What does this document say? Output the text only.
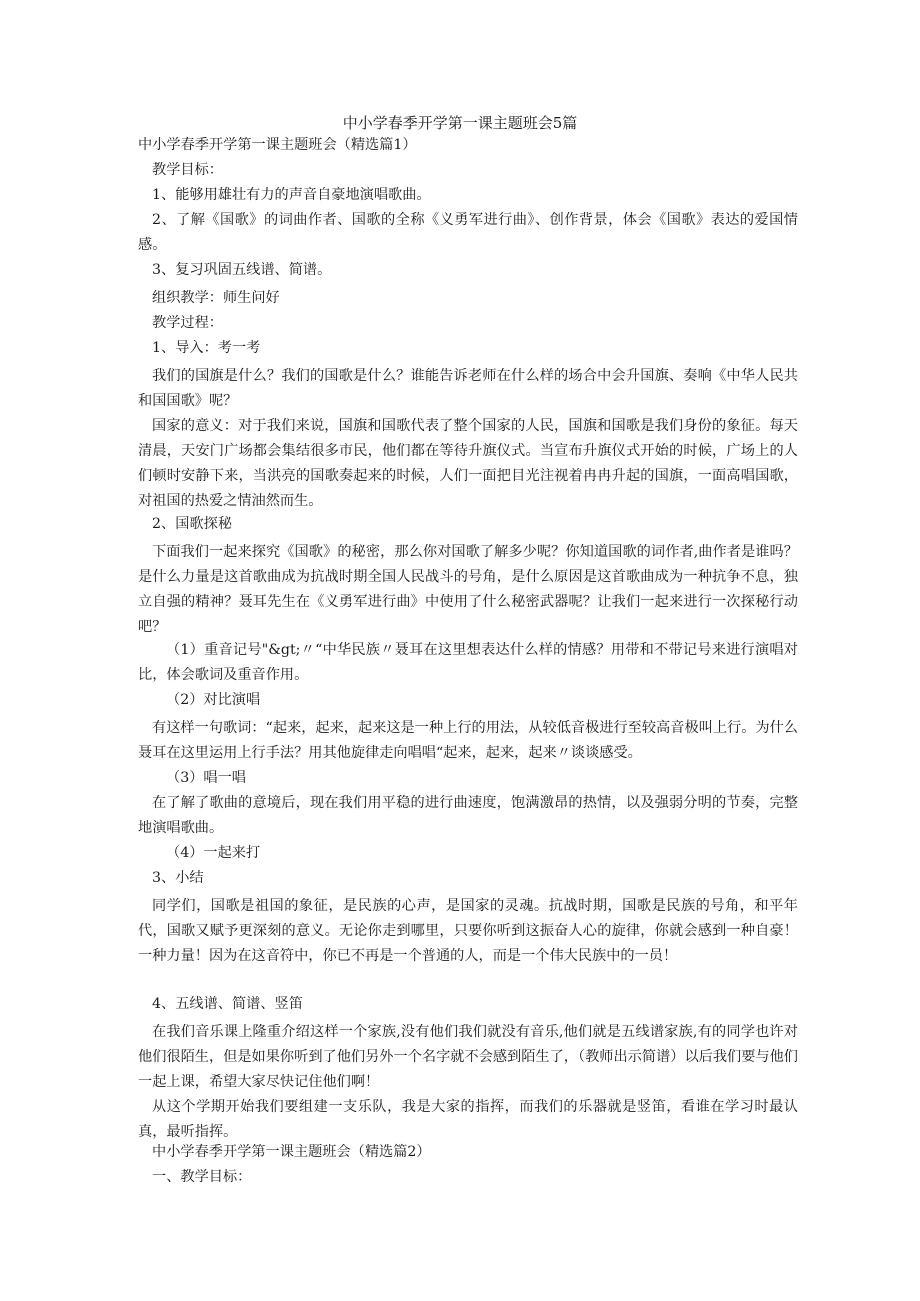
中小学春季开学第一课主题班会5篇
中小学春季开学第一课主题班会（精选篇1）
教学目标：
1、能够用雄壮有力的声音自豪地演唱歌曲。
2、了解《国歌》的词曲作者、国歌的全称《义勇军进行曲》、创作背景，体会《国歌》表达的爱国情感。
3、复习巩固五线谱、简谱。
组织教学：师生问好
教学过程：
1、导入：考一考
我们的国旗是什么？我们的国歌是什么？谁能告诉老师在什么样的场合中会升国旗、奏响《中华人民共和国国歌》呢？
国家的意义：对于我们来说，国旗和国歌代表了整个国家的人民，国旗和国歌是我们身份的象征。每天清晨，天安门广场都会集结很多市民，他们都在等待升旗仪式。当宣布升旗仪式开始的时候，广场上的人们顿时安静下来，当洪亮的国歌奏起来的时候，人们一面把目光注视着冉冉升起的国旗，一面高唱国歌，对祖国的热爱之情油然而生。
2、国歌探秘
下面我们一起来探究《国歌》的秘密，那么你对国歌了解多少呢？你知道国歌的词作者,曲作者是谁吗？是什么力量是这首歌曲成为抗战时期全国人民战斗的号角，是什么原因是这首歌曲成为一种抗争不息，独立自强的精神？聂耳先生在《义勇军进行曲》中使用了什么秘密武器呢？让我们一起来进行一次探秘行动吧？
（1）重音记号"&gt;〃“中华民族〃聂耳在这里想表达什么样的情感？用带和不带记号来进行演唱对比，体会歌词及重音作用。
（2）对比演唱
有这样一句歌词：“起来，起来，起来这是一种上行的用法，从较低音极进行至较高音极叫上行。为什么聂耳在这里运用上行手法？用其他旋律走向唱唱“起来，起来，起来〃谈谈感受。
（3）唱一唱
在了解了歌曲的意境后，现在我们用平稳的进行曲速度，饱满激昂的热情，以及强弱分明的节奏，完整地演唱歌曲。
（4）一起来打
3、小结
同学们，国歌是祖国的象征，是民族的心声，是国家的灵魂。抗战时期，国歌是民族的号角，和平年代，国歌又赋予更深刻的意义。无论你走到哪里，只要你听到这振奋人心的旋律，你就会感到一种自豪！一种力量！因为在这音符中，你已不再是一个普通的人，而是一个伟大民族中的一员！
4、五线谱、简谱、竖笛
在我们音乐课上隆重介绍这样一个家族,没有他们我们就没有音乐,他们就是五线谱家族,有的同学也许对他们很陌生，但是如果你听到了他们另外一个名字就不会感到陌生了，（教师出示简谱）以后我们要与他们一起上课，希望大家尽快记住他们啊！
从这个学期开始我们要组建一支乐队，我是大家的指挥，而我们的乐器就是竖笛，看谁在学习时最认真，最听指挥。
中小学春季开学第一课主题班会（精选篇2）
一、教学目标：
